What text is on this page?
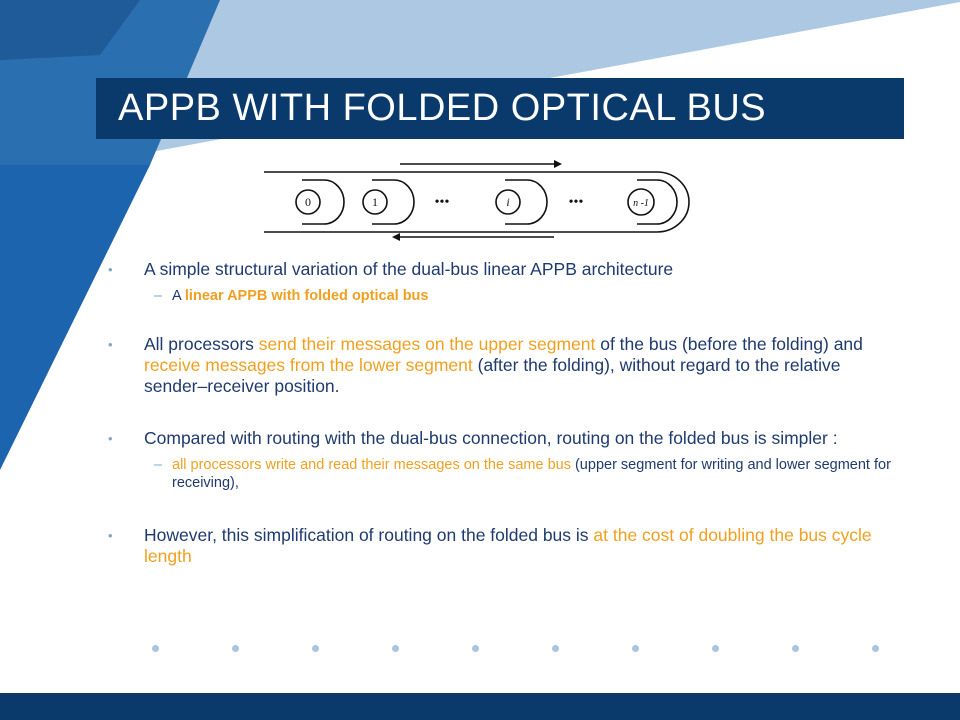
APPB WITH FOLDED OPTICAL BUS
0	1	i	n -1
•••	•••
• A simple structural variation of the dual-bus linear APPB architecture
– A linear APPB with folded optical bus
• All processors send their messages on the upper segment of the bus (before the folding) and receive messages from the lower segment (after the folding), without regard to the relative sender–receiver position.
• Compared with routing with the dual-bus connection, routing on the folded bus is simpler :
– all processors write and read their messages on the same bus (upper segment for writing and lower segment for receiving),
• However, this simplification of routing on the folded bus is at the cost of doubling the bus cycle length
